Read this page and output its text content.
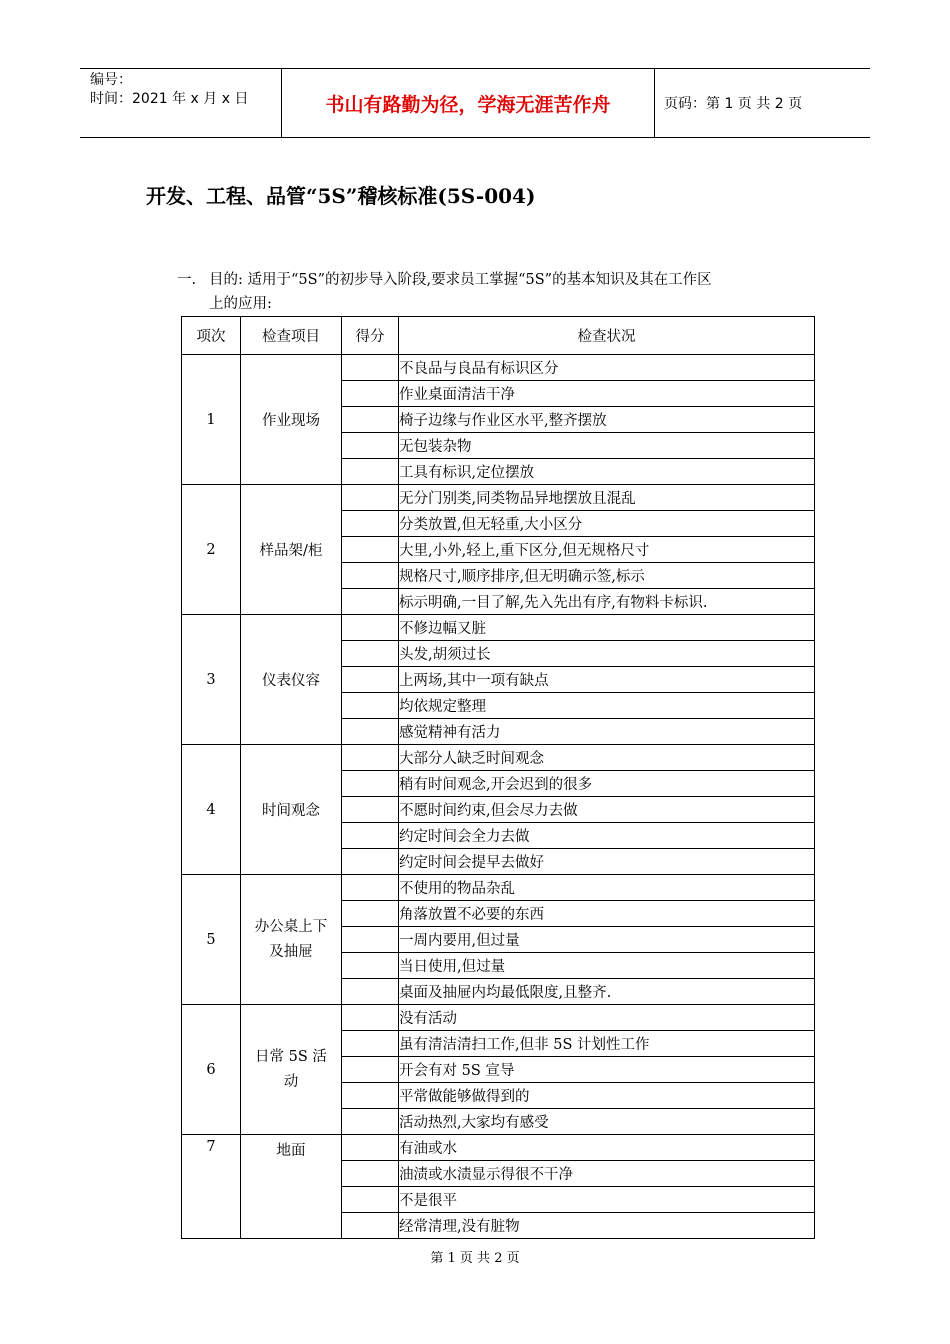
编号：
时间：2021 年 x 月 x 日	书山有路勤为径，学海无涯苦作舟	页码：第 1 页 共 2 页
开发、工程、品管“5S”稽核标准(5S-004)
一. 目的: 适用于“5S”的初步导入阶段,要求员工掌握“5S”的基本知识及其在工作区
上的应用:
项次	检查项目	得分	检查状况
1	作业现场		不良品与良品有标识区分
			作业桌面清洁干净
			椅子边缘与作业区水平,整齐摆放
			无包装杂物
			工具有标识,定位摆放
2	样品架/柜		无分门别类,同类物品异地摆放且混乱
			分类放置,但无轻重,大小区分
			大里,小外,轻上,重下区分,但无规格尺寸
			规格尺寸,顺序排序,但无明确示签,标示
			标示明确,一目了解,先入先出有序,有物料卡标识.
3	仪表仪容		不修边幅又脏
			头发,胡须过长
			上两场,其中一项有缺点
			均依规定整理
			感觉精神有活力
4	时间观念		大部分人缺乏时间观念
			稍有时间观念,开会迟到的很多
			不愿时间约束,但会尽力去做
			约定时间会全力去做
			约定时间会提早去做好
5	办公桌上下及抽屉		不使用的物品杂乱
			角落放置不必要的东西
			一周内要用,但过量
			当日使用,但过量
			桌面及抽屉内均最低限度,且整齐.
6	日常 5S 活动		没有活动
			虽有清洁清扫工作,但非 5S 计划性工作
			开会有对 5S 宣导
			平常做能够做得到的
			活动热烈,大家均有感受
7	地面		有油或水
			油渍或水渍显示得很不干净
			不是很平
			经常清理,没有脏物
第 1 页 共 2 页
